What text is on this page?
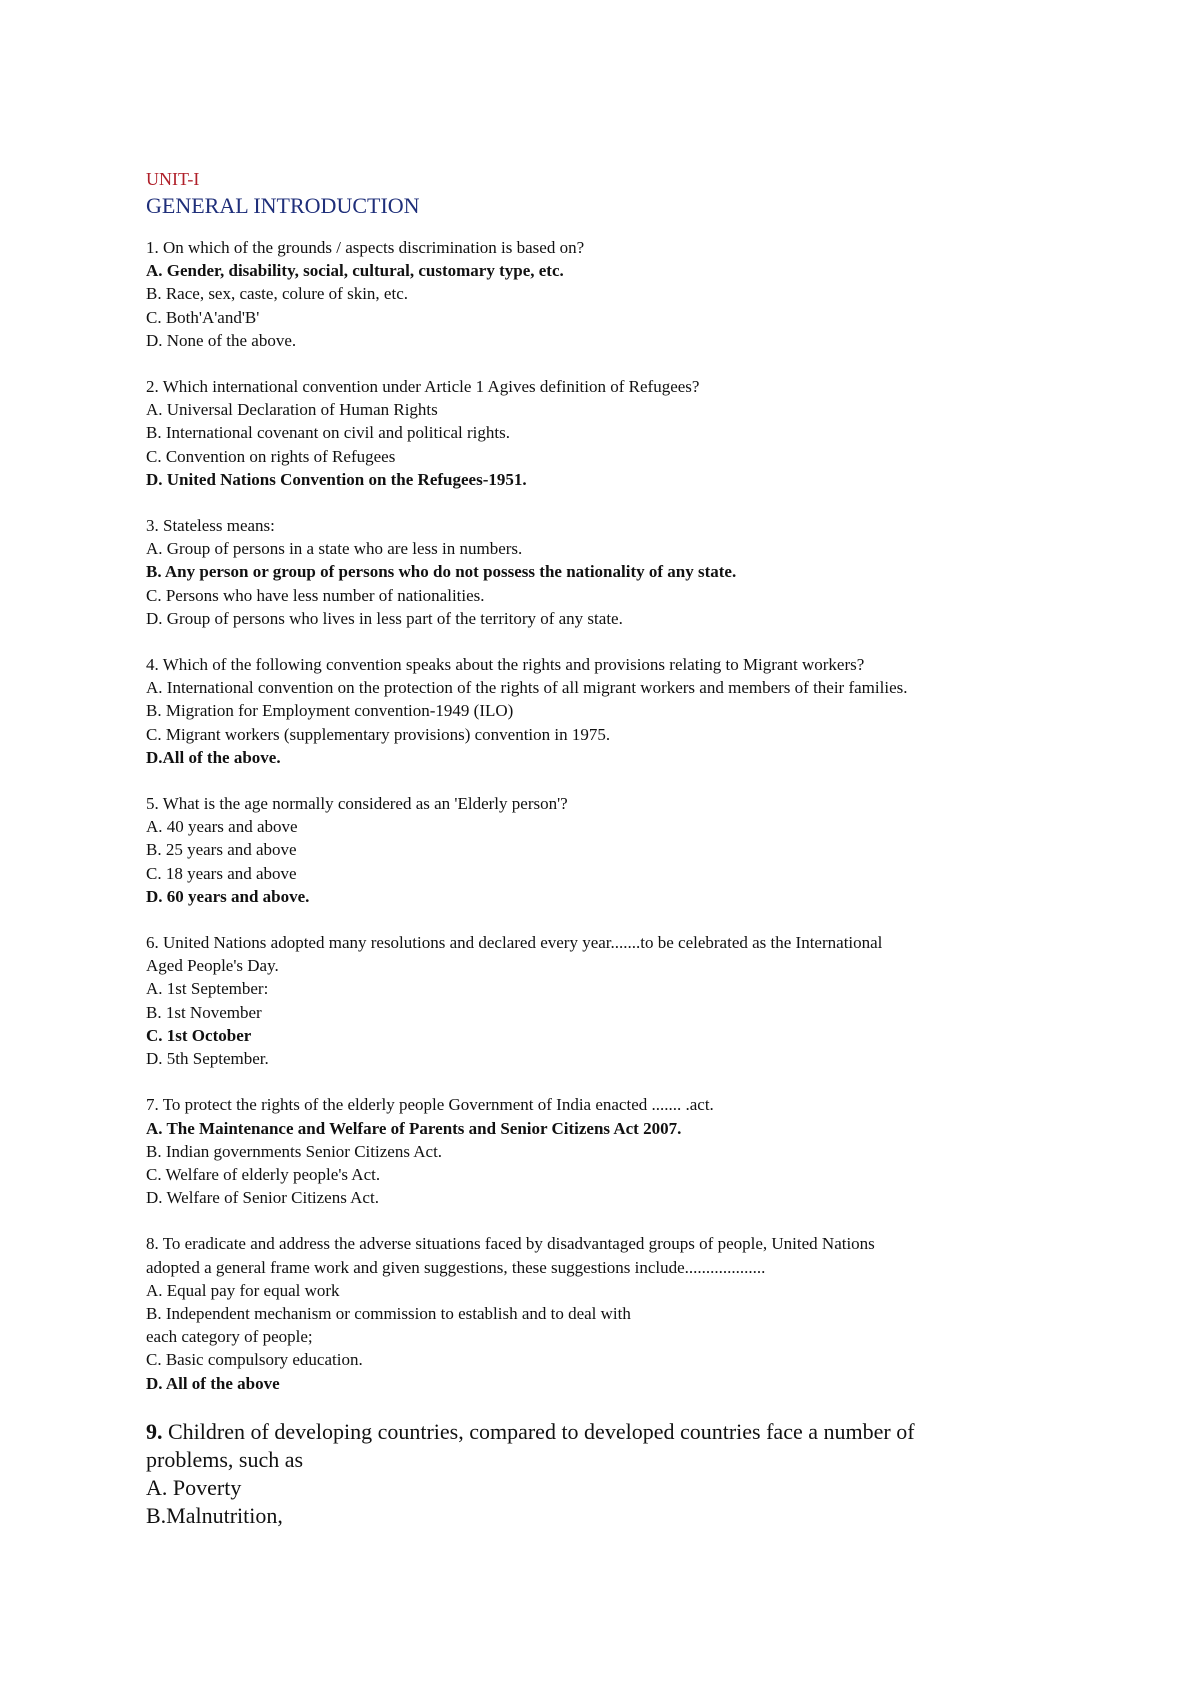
UNIT-I
GENERAL INTRODUCTION
1. On which of the grounds / aspects discrimination is based on?
A. Gender, disability, social, cultural, customary type, etc.
B. Race, sex, caste, colure of skin, etc.
C. Both'A'and'B'
D. None of the above.
2. Which international convention under Article 1 Agives definition of Refugees?
A. Universal Declaration of Human Rights
B. International covenant on civil and political rights.
C. Convention on rights of Refugees
D. United Nations Convention on the Refugees-1951.
3. Stateless means:
A. Group of persons in a state who are less in numbers.
B. Any person or group of persons who do not possess the nationality of any state.
C. Persons who have less number of nationalities.
D. Group of persons who lives in less part of the territory of any state.
4. Which of the following convention speaks about the rights and provisions relating to Migrant workers?
A. International convention on the protection of the rights of all migrant workers and members of their families.
B. Migration for Employment convention-1949 (ILO)
C. Migrant workers (supplementary provisions) convention in 1975.
D.All of the above.
5. What is the age normally considered as an 'Elderly person'?
A. 40 years and above
B. 25 years and above
C. 18 years and above
D. 60 years and above.
6. United Nations adopted many resolutions and declared every year.......to be celebrated as the International
Aged People's Day.
A. 1st September:
B. 1st November
C. 1st October
D. 5th September.
7. To protect the rights of the elderly people Government of India enacted ....... .act.
A. The Maintenance and Welfare of Parents and Senior Citizens Act 2007.
B. Indian governments Senior Citizens Act.
C. Welfare of elderly people's Act.
D. Welfare of Senior Citizens Act.
8. To eradicate and address the adverse situations faced by disadvantaged groups of people, United Nations
adopted a general frame work and given suggestions, these suggestions include...................
A. Equal pay for equal work
B. Independent mechanism or commission to establish and to deal with
each category of people;
C. Basic compulsory education.
D. All of the above
9. Children of developing countries, compared to developed countries face a number of
problems, such as
A. Poverty
B.Malnutrition,
